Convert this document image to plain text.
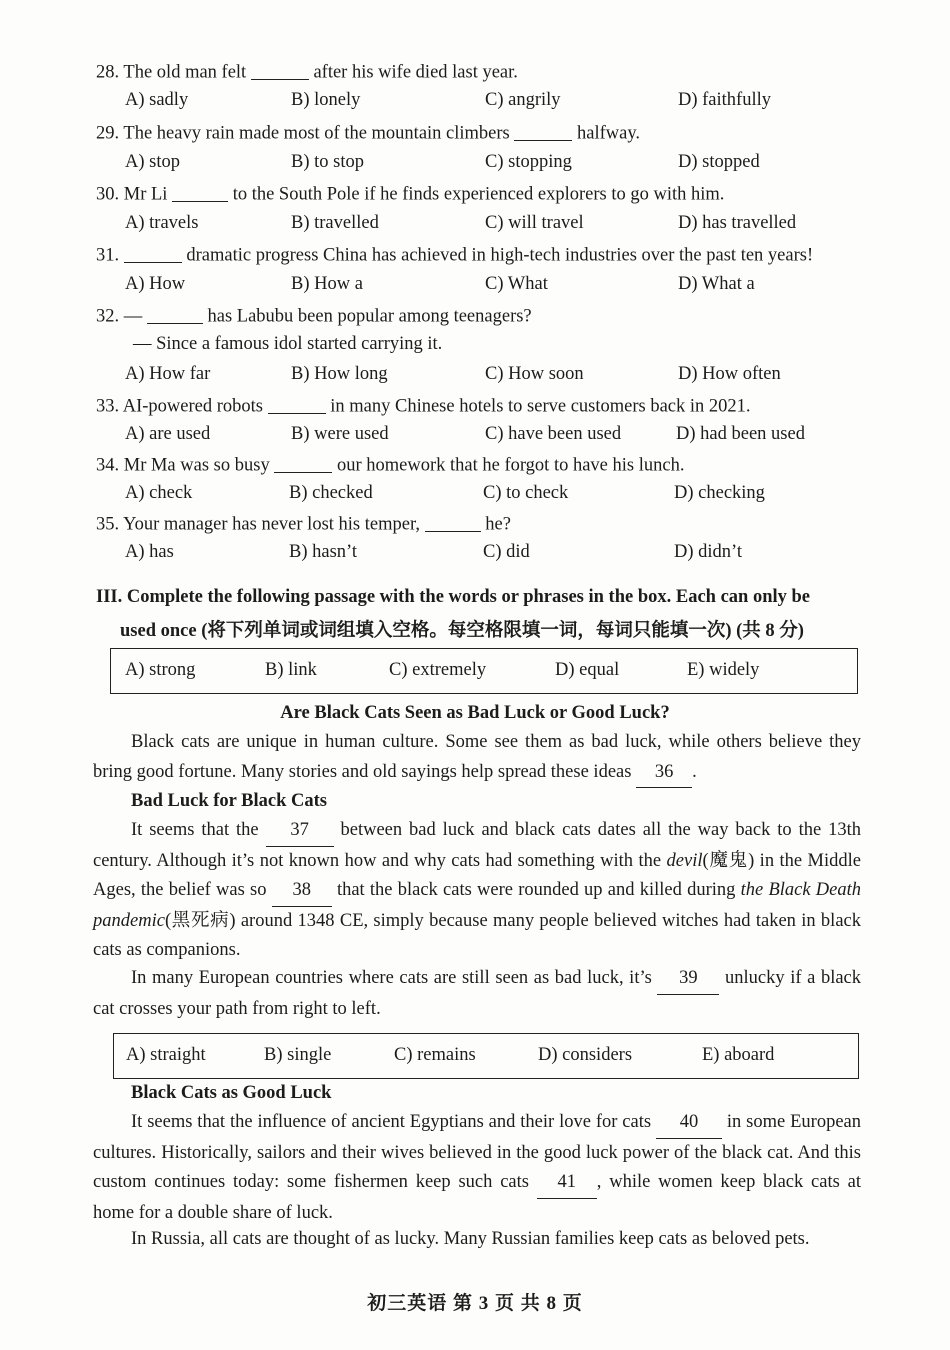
28. The old man felt	after his wife died last year.
A) sadly	B) lonely	C) angrily	D) faithfully
29. The heavy rain made most of the mountain climbers	halfway.
A) stop	B) to stop	C) stopping	D) stopped
30. Mr Li	to the South Pole if he finds experienced explorers to go with him.
A) travels	B) travelled	C) will travel	D) has travelled
31.	dramatic progress China has achieved in high-tech industries over the past ten years!
A) How	B) How a	C) What	D) What a
32. —	has Labubu been popular among teenagers?
— Since a famous idol started carrying it.
A) How far	B) How long	C) How soon	D) How often
33. AI-powered robots	in many Chinese hotels to serve customers back in 2021.
A) are used	B) were used	C) have been used	D) had been used
34. Mr Ma was so busy	our homework that he forgot to have his lunch.
A) check	B) checked	C) to check	D) checking
35. Your manager has never lost his temper,	he?
A) has	B) hasn’t	C) did	D) didn’t
III. Complete the following passage with the words or phrases in the box. Each can only be
used once (将下列单词或词组填入空格。每空格限填一词，每词只能填一次) (共 8 分)
A) strong	B) link	C) extremely	D) equal	E) widely
Are Black Cats Seen as Bad Luck or Good Luck?
Black cats are unique in human culture. Some see them as bad luck, while others believe they bring good fortune. Many stories and old sayings help spread these ideas 36 .
Bad Luck for Black Cats
It seems that the 37 between bad luck and black cats dates all the way back to the 13th century. Although it’s not known how and why cats had something with the devil(魔鬼) in the Middle Ages, the belief was so 38 that the black cats were rounded up and killed during the Black Death pandemic(黑死病) around 1348 CE, simply because many people believed witches had taken in black cats as companions.
In many European countries where cats are still seen as bad luck, it’s 39 unlucky if a black cat crosses your path from right to left.
A) straight	B) single	C) remains	D) considers	E) aboard
Black Cats as Good Luck
It seems that the influence of ancient Egyptians and their love for cats 40 in some European cultures. Historically, sailors and their wives believed in the good luck power of the black cat. And this custom continues today: some fishermen keep such cats 41 , while women keep black cats at home for a double share of luck.
In Russia, all cats are thought of as lucky. Many Russian families keep cats as beloved pets.
初三英语 第 3 页 共 8 页
